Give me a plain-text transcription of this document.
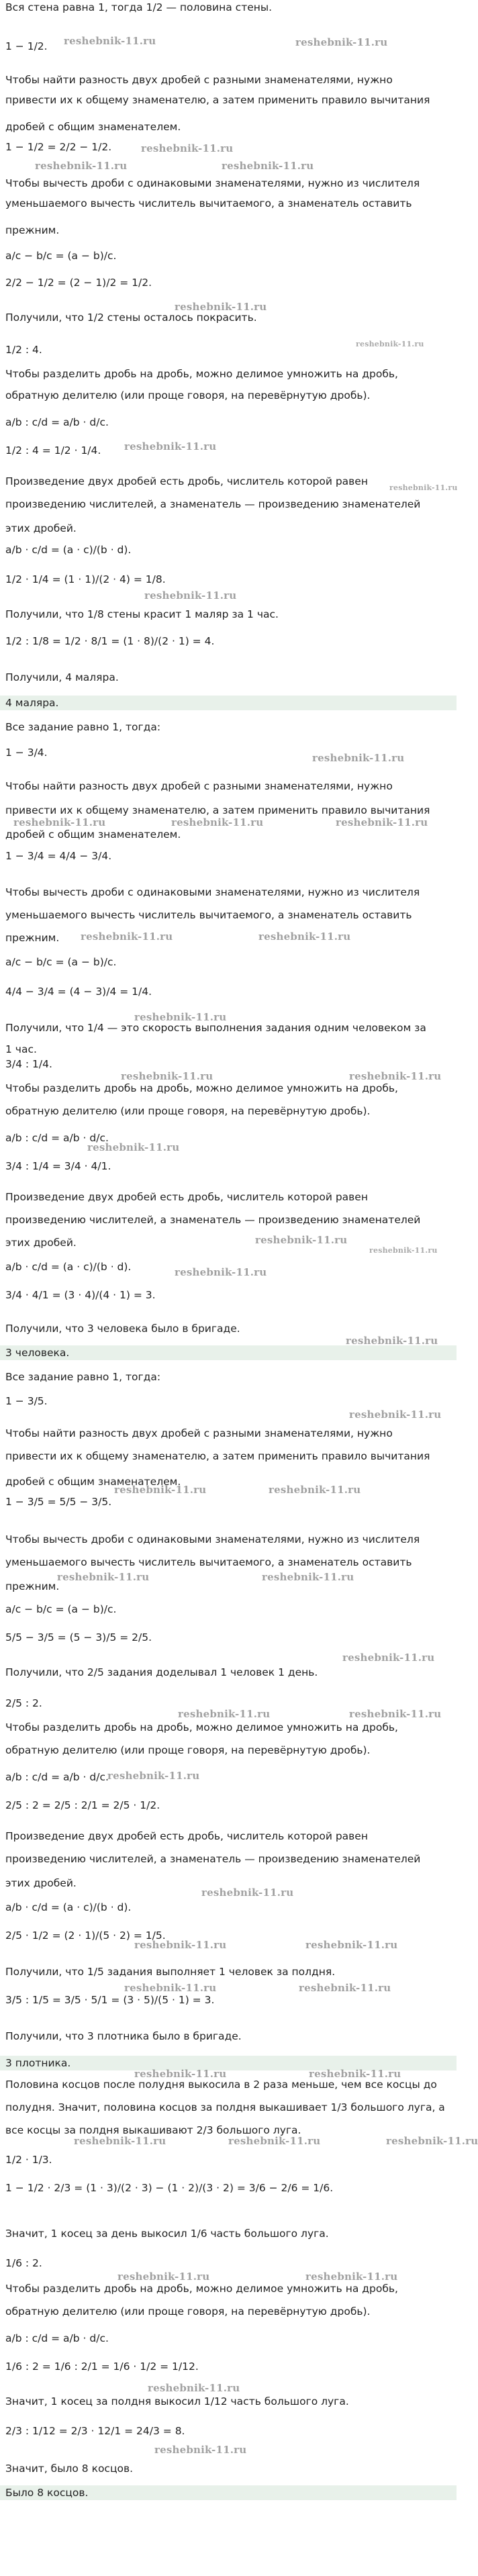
Вся стена равна 1, тогда 1/2 — половина стены.
1 − 1/2.
Чтобы найти разность двух дробей с разными знаменателями, нужно
привести их к общему знаменателю, а затем применить правило вычитания
дробей с общим знаменателем.
1 − 1/2 = 2/2 − 1/2.
Чтобы вычесть дроби с одинаковыми знаменателями, нужно из числителя
уменьшаемого вычесть числитель вычитаемого, а знаменатель оставить
прежним.
a/c − b/c = (a − b)/c.
2/2 − 1/2 = (2 − 1)/2 = 1/2.
Получили, что 1/2 стены осталось покрасить.
1/2 : 4.
Чтобы разделить дробь на дробь, можно делимое умножить на дробь,
обратную делителю (или проще говоря, на перевёрнутую дробь).
a/b : c/d = a/b · d/c.
1/2 : 4 = 1/2 · 1/4.
Произведение двух дробей есть дробь, числитель которой равен
произведению числителей, а знаменатель — произведению знаменателей
этих дробей.
a/b · c/d = (a · c)/(b · d).
1/2 · 1/4 = (1 · 1)/(2 · 4) = 1/8.
Получили, что 1/8 стены красит 1 маляр за 1 час.
1/2 : 1/8 = 1/2 · 8/1 = (1 · 8)/(2 · 1) = 4.
Получили, 4 маляра.
4 маляра.
Все задание равно 1, тогда:
1 − 3/4.
Чтобы найти разность двух дробей с разными знаменателями, нужно
привести их к общему знаменателю, а затем применить правило вычитания
дробей с общим знаменателем.
1 − 3/4 = 4/4 − 3/4.
Чтобы вычесть дроби с одинаковыми знаменателями, нужно из числителя
уменьшаемого вычесть числитель вычитаемого, а знаменатель оставить
прежним.
a/c − b/c = (a − b)/c.
4/4 − 3/4 = (4 − 3)/4 = 1/4.
Получили, что 1/4 — это скорость выполнения задания одним человеком за
1 час.
3/4 : 1/4.
Чтобы разделить дробь на дробь, можно делимое умножить на дробь,
обратную делителю (или проще говоря, на перевёрнутую дробь).
a/b : c/d = a/b · d/c.
3/4 : 1/4 = 3/4 · 4/1.
Произведение двух дробей есть дробь, числитель которой равен
произведению числителей, а знаменатель — произведению знаменателей
этих дробей.
a/b · c/d = (a · c)/(b · d).
3/4 · 4/1 = (3 · 4)/(4 · 1) = 3.
Получили, что 3 человека было в бригаде.
3 человека.
Все задание равно 1, тогда:
1 − 3/5.
Чтобы найти разность двух дробей с разными знаменателями, нужно
привести их к общему знаменателю, а затем применить правило вычитания
дробей с общим знаменателем.
1 − 3/5 = 5/5 − 3/5.
Чтобы вычесть дроби с одинаковыми знаменателями, нужно из числителя
уменьшаемого вычесть числитель вычитаемого, а знаменатель оставить
прежним.
a/c − b/c = (a − b)/c.
5/5 − 3/5 = (5 − 3)/5 = 2/5.
Получили, что 2/5 задания доделывал 1 человек 1 день.
2/5 : 2.
Чтобы разделить дробь на дробь, можно делимое умножить на дробь,
обратную делителю (или проще говоря, на перевёрнутую дробь).
a/b : c/d = a/b · d/c.
2/5 : 2 = 2/5 : 2/1 = 2/5 · 1/2.
Произведение двух дробей есть дробь, числитель которой равен
произведению числителей, а знаменатель — произведению знаменателей
этих дробей.
a/b · c/d = (a · c)/(b · d).
2/5 · 1/2 = (2 · 1)/(5 · 2) = 1/5.
Получили, что 1/5 задания выполняет 1 человек за полдня.
3/5 : 1/5 = 3/5 · 5/1 = (3 · 5)/(5 · 1) = 3.
Получили, что 3 плотника было в бригаде.
3 плотника.
Половина косцов после полудня выкосила в 2 раза меньше, чем все косцы до
полудня. Значит, половина косцов за полдня выкашивает 1/3 большого луга, а
все косцы за полдня выкашивают 2/3 большого луга.
1/2 · 1/3.
1 − 1/2 · 2/3 = (1 · 3)/(2 · 3) − (1 · 2)/(3 · 2) = 3/6 − 2/6 = 1/6.
Значит, 1 косец за день выкосил 1/6 часть большого луга.
1/6 : 2.
Чтобы разделить дробь на дробь, можно делимое умножить на дробь,
обратную делителю (или проще говоря, на перевёрнутую дробь).
a/b : c/d = a/b · d/c.
1/6 : 2 = 1/6 : 2/1 = 1/6 · 1/2 = 1/12.
Значит, 1 косец за полдня выкосил 1/12 часть большого луга.
2/3 : 1/12 = 2/3 · 12/1 = 24/3 = 8.
Значит, было 8 косцов.
Было 8 косцов.
reshebnik-11.ru	reshebnik-11.ru
reshebnik-11.ru
reshebnik-11.ru	reshebnik-11.ru
reshebnik-11.ru
reshebnik-11.ru
reshebnik-11.ru
reshebnik-11.ru
reshebnik-11.ru
reshebnik-11.ru
reshebnik-11.ru	reshebnik-11.ru	reshebnik-11.ru
reshebnik-11.ru	reshebnik-11.ru
reshebnik-11.ru
reshebnik-11.ru	reshebnik-11.ru
reshebnik-11.ru
reshebnik-11.ru
reshebnik-11.ru
reshebnik-11.ru
reshebnik-11.ru
reshebnik-11.ru
reshebnik-11.ru	reshebnik-11.ru
reshebnik-11.ru	reshebnik-11.ru
reshebnik-11.ru
reshebnik-11.ru	reshebnik-11.ru
reshebnik-11.ru
reshebnik-11.ru
reshebnik-11.ru	reshebnik-11.ru
reshebnik-11.ru	reshebnik-11.ru
reshebnik-11.ru	reshebnik-11.ru
reshebnik-11.ru	reshebnik-11.ru	reshebnik-11.ru
reshebnik-11.ru	reshebnik-11.ru
reshebnik-11.ru
reshebnik-11.ru
